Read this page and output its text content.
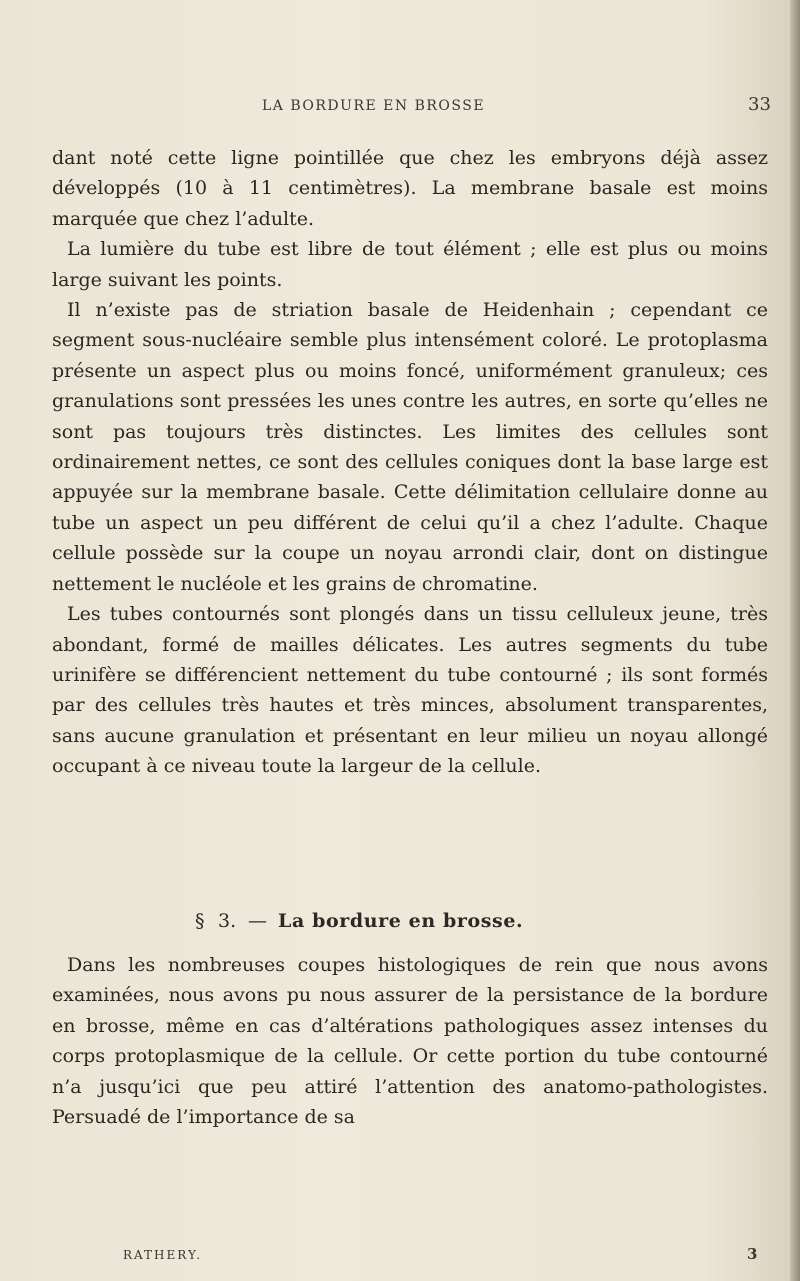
LA BORDURE EN BROSSE	33

dant noté cette ligne pointillée que chez les embryons déjà assez développés (10 à 11 centimètres). La membrane basale est moins marquée que chez l’adulte.

La lumière du tube est libre de tout élément ; elle est plus ou moins large suivant les points.

Il n’existe pas de striation basale de Heidenhain ; cependant ce segment sous-nucléaire semble plus intensément coloré. Le protoplasma présente un aspect plus ou moins foncé, uniformément granuleux; ces granulations sont pressées les unes contre les autres, en sorte qu’elles ne sont pas toujours très distinctes. Les limites des cellules sont ordinairement nettes, ce sont des cellules coniques dont la base large est appuyée sur la membrane basale. Cette délimitation cellulaire donne au tube un aspect un peu différent de celui qu’il a chez l’adulte. Chaque cellule possède sur la coupe un noyau arrondi clair, dont on distingue nettement le nucléole et les grains de chromatine.

Les tubes contournés sont plongés dans un tissu celluleux jeune, très abondant, formé de mailles délicates. Les autres segments du tube urinifère se différencient nettement du tube contourné ; ils sont formés par des cellules très hautes et très minces, absolument transparentes, sans aucune granulation et présentant en leur milieu un noyau allongé occupant à ce niveau toute la largeur de la cellule.

§ 3. — La bordure en brosse.

Dans les nombreuses coupes histologiques de rein que nous avons examinées, nous avons pu nous assurer de la persistance de la bordure en brosse, même en cas d’altérations pathologiques assez intenses du corps protoplasmique de la cellule. Or cette portion du tube contourné n’a jusqu’ici que peu attiré l’attention des anatomo-pathologistes. Persuadé de l’importance de sa

RATHERY.	3
